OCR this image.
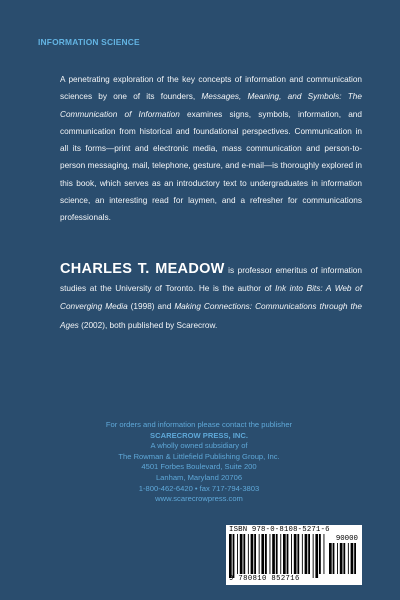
INFORMATION SCIENCE

A penetrating exploration of the key concepts of information and communication sciences by one of its founders, Messages, Meaning, and Symbols: The Communication of Information examines signs, symbols, information, and communication from historical and foundational perspectives. Communication in all its forms—print and electronic media, mass communication and person-to-person messaging, mail, telephone, gesture, and e-mail—is thoroughly explored in this book, which serves as an introductory text to undergraduates in information science, an interesting read for laymen, and a refresher for communications professionals.

CHARLES T. MEADOW is professor emeritus of information studies at the University of Toronto. He is the author of Ink into Bits: A Web of Converging Media (1998) and Making Connections: Communications through the Ages (2002), both published by Scarecrow.

For orders and information please contact the publisher
SCARECROW PRESS, INC.
A wholly owned subsidiary of
The Rowman & Littlefield Publishing Group, Inc.
4501 Forbes Boulevard, Suite 200
Lanham, Maryland 20706
1-800-462-6420 • fax 717-794-3803
www.scarecrowpress.com
ISBN 978-0-8108-5271-6
90000
9 780810 852716
